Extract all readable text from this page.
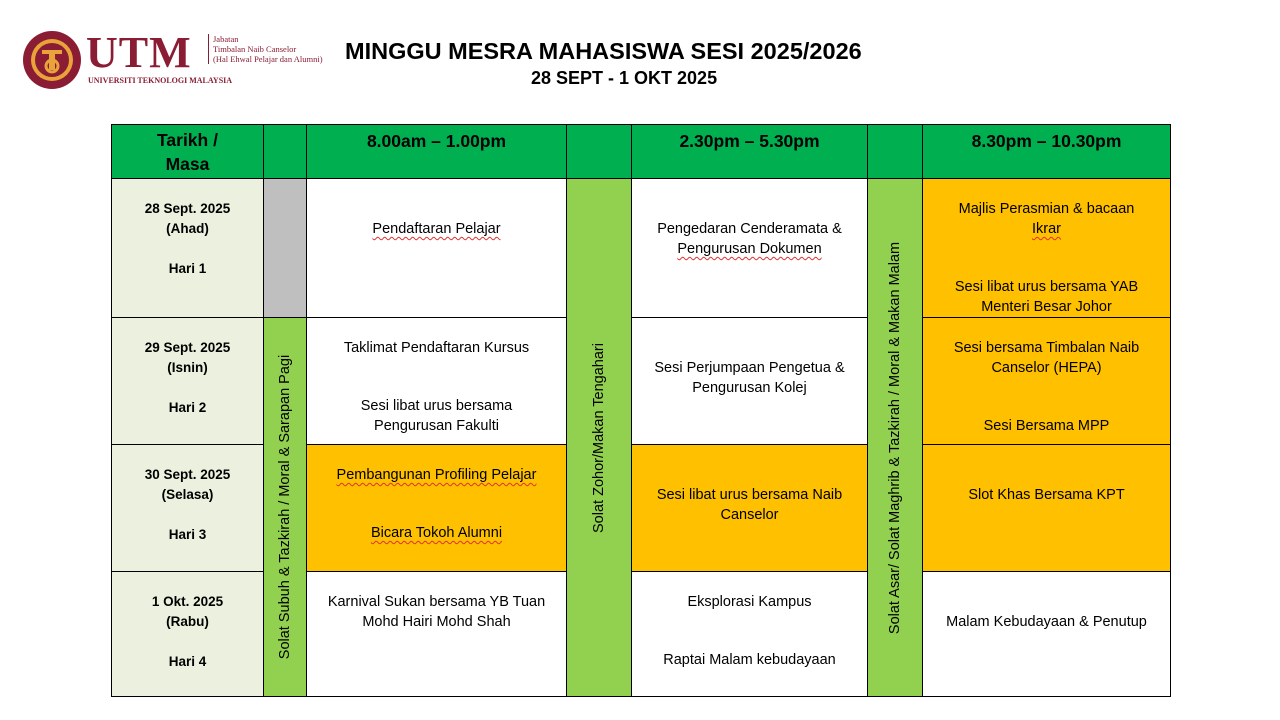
UTM
UNIVERSITI TEKNOLOGI MALAYSIA
Jabatan
Timbalan Naib Canselor
(Hal Ehwal Pelajar dan Alumni) MINGGU MESRA MAHASISWA SESI 2025/2026
28 SEPT - 1 OKT 2025
Tarikh /
Masa
8.00am – 1.00pm	2.30pm – 5.30pm	8.30pm – 10.30pm
28 Sept. 2025
(Ahad)
Hari 1
29 Sept. 2025
(Isnin)
Hari 2
30 Sept. 2025
(Selasa)
Hari 3
1 Okt. 2025
(Rabu)
Hari 4
Solat Subuh & Tazkirah / Moral & Sarapan Pagi
Pendaftaran Pelajar
Taklimat Pendaftaran Kursus
Sesi libat urus bersama
Pengurusan Fakulti
Pembangunan Profiling Pelajar
Bicara Tokoh Alumni
Karnival Sukan bersama YB Tuan
Mohd Hairi Mohd Shah
Solat Zohor/Makan Tengahari
Pengedaran Cenderamata &
Pengurusan Dokumen
Sesi Perjumpaan Pengetua &
Pengurusan Kolej
Sesi libat urus bersama Naib
Canselor
Eksplorasi Kampus
Raptai Malam kebudayaan
Solat Asar/ Solat Maghrib & Tazkirah / Moral & Makan Malam
Majlis Perasmian & bacaan
Ikrar
Sesi libat urus bersama YAB
Menteri Besar Johor
Sesi bersama Timbalan Naib
Canselor (HEPA)
Sesi Bersama MPP
Slot Khas Bersama KPT
Malam Kebudayaan & Penutup
